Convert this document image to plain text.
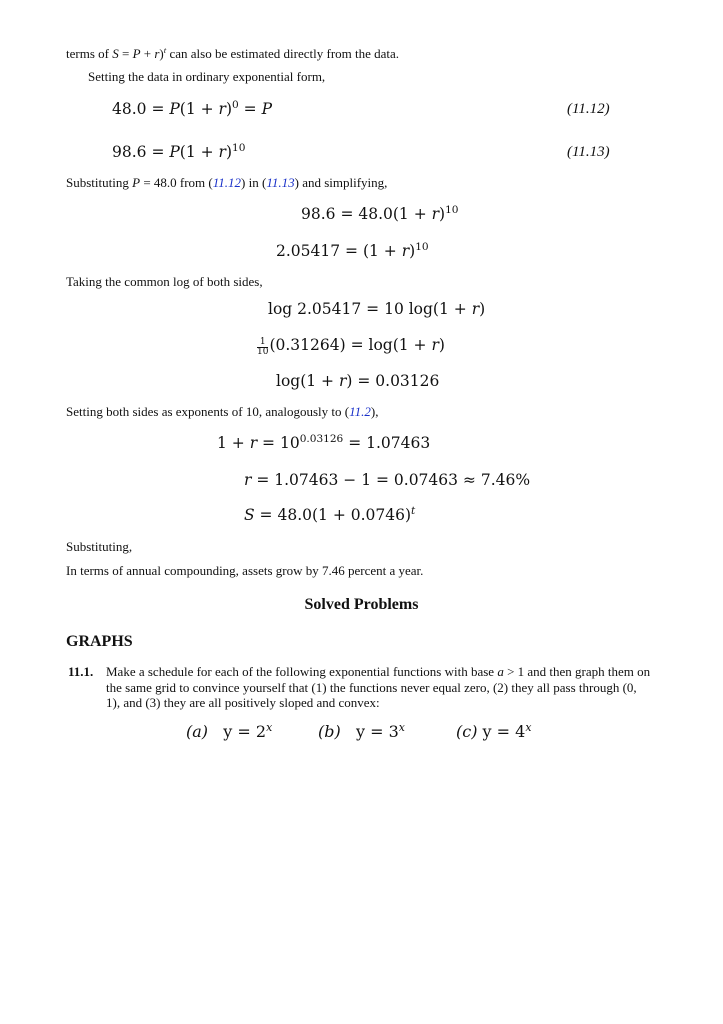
terms of S = P + r)$^t$ can also be estimated directly from the data.
Setting the data in ordinary exponential form,
$48.0 = P(1 + r)^0 = P$	(11.12)
$98.6 = P(1 + r)^{10}$	(11.13)
Substituting P = 48.0 from (11.12) in (11.13) and simplifying,
$98.6 = 48.0(1 + r)^{10}$
$2.05417 = (1 + r)^{10}$
Taking the common log of both sides,
log 2.05417 = 10 log(1 + r)
$\frac{1}{10} (0.31264) = \log(1 + r)$
log(1 + r) = 0.03126
Setting both sides as exponents of 10, analogously to (11.2),
$1 + r = 10^{0.03126} = 1.07463$
r = 1.07463 − 1 = 0.07463 ≈ 7.46%
$S = 48.0(1 + 0.0746)^t$
Substituting,
In terms of annual compounding, assets grow by 7.46 percent a year.
Solved Problems
GRAPHS
11.1. Make a schedule for each of the following exponential functions with base a > 1 and then graph them on the same grid to convince yourself that (1) the functions never equal zero, (2) they all pass through (0, 1), and (3) they are all positively sloped and convex:
(a) $y = 2^x$	(b) $y = 3^x$	(c) $y = 4^x$
